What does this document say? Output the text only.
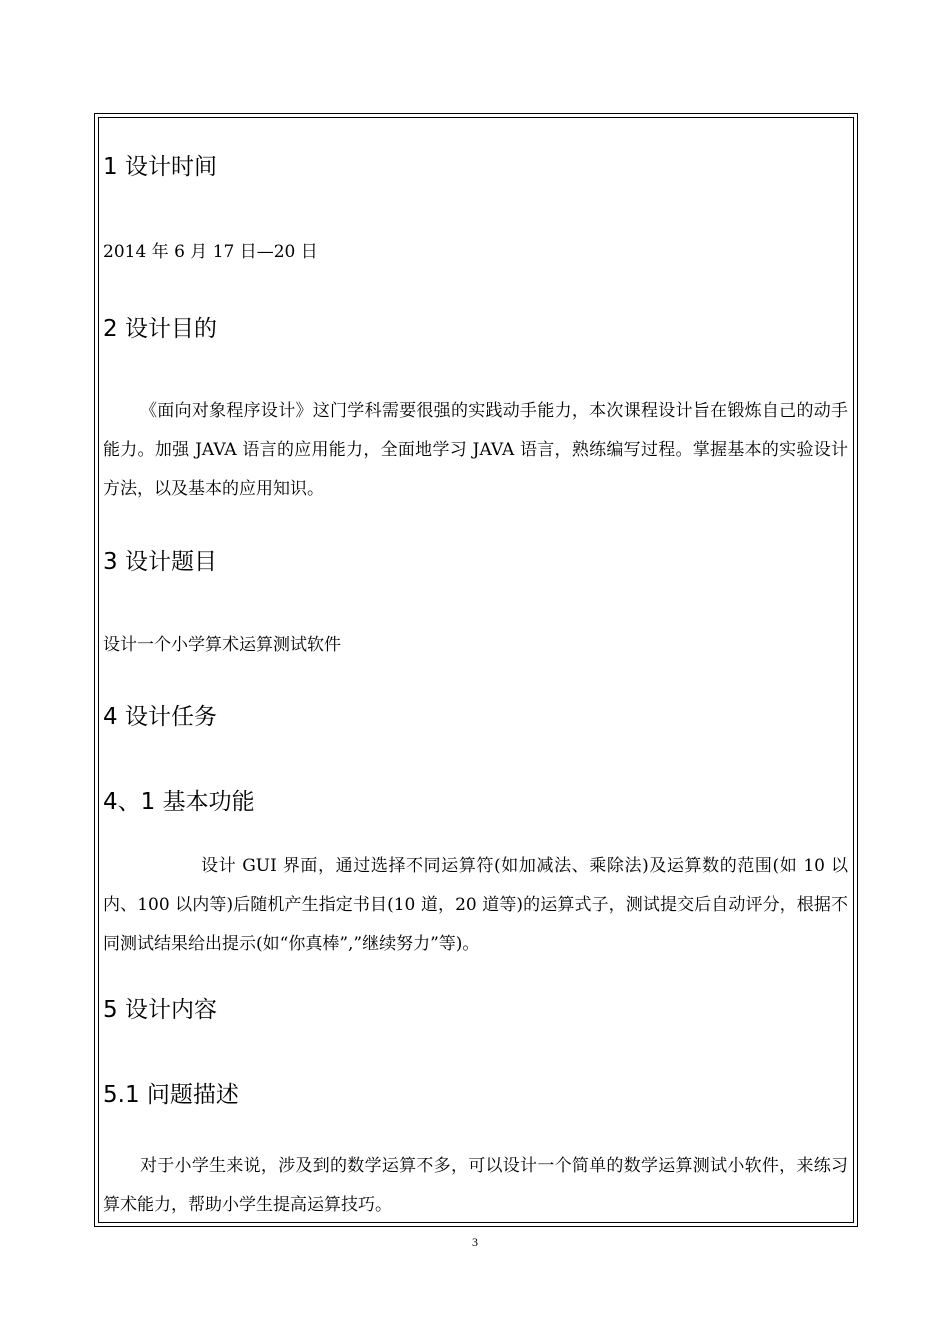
1 设计时间

2014 年 6 月 17 日—20 日

2 设计目的

《面向对象程序设计》这门学科需要很强的实践动手能力，本次课程设计旨在锻炼自己的动手能力。加强 JAVA 语言的应用能力，全面地学习 JAVA 语言，熟练编写过程。掌握基本的实验设计方法，以及基本的应用知识。

3 设计题目

设计一个小学算术运算测试软件

4 设计任务
4、1 基本功能

设计 GUI 界面，通过选择不同运算符(如加减法、乘除法)及运算数的范围(如 10 以内、100 以内等)后随机产生指定书目(10 道，20 道等)的运算式子，测试提交后自动评分，根据不同测试结果给出提示(如“你真棒”,”继续努力”等)。

5 设计内容
5.1 问题描述

对于小学生来说，涉及到的数学运算不多，可以设计一个简单的数学运算测试小软件，来练习算术能力，帮助小学生提高运算技巧。

3
